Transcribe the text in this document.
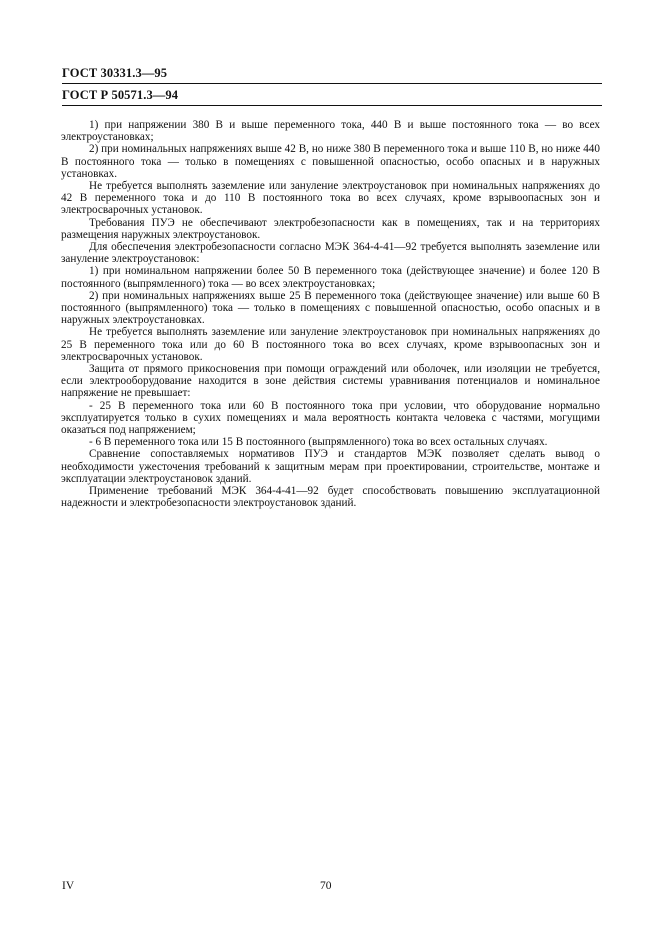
ГОСТ 30331.3—95
ГОСТ Р 50571.3—94

1) при напряжении 380 В и выше переменного тока, 440 В и выше постоянного тока — во всех электроустановках;

2) при номинальных напряжениях выше 42 В, но ниже 380 В переменного тока и выше 110 В, но ниже 440 В постоянного тока — только в помещениях с повышенной опасностью, особо опасных и в наружных установках.

Не требуется выполнять заземление или зануление электроустановок при номинальных напряжениях до 42 В переменного тока и до 110 В постоянного тока во всех случаях, кроме взрывоопасных зон и электросварочных установок.

Требования ПУЭ не обеспечивают электробезопасности как в помещениях, так и на территориях размещения наружных электроустановок.

Для обеспечения электробезопасности согласно МЭК 364-4-41—92 требуется выполнять заземление или зануление электроустановок:

1) при номинальном напряжении более 50 В переменного тока (действующее значение) и более 120 В постоянного (выпрямленного) тока — во всех электроустановках;

2) при номинальных напряжениях выше 25 В переменного тока (действующее значение) или выше 60 В постоянного (выпрямленного) тока — только в помещениях с повышенной опасностью, особо опасных и в наружных электроустановках.

Не требуется выполнять заземление или зануление электроустановок при номинальных напряжениях до 25 В переменного тока или до 60 В постоянного тока во всех случаях, кроме взрывоопасных зон и электросварочных установок.

Защита от прямого прикосновения при помощи ограждений или оболочек, или изоляции не требуется, если электрооборудование находится в зоне действия системы уравнивания потенциалов и номинальное напряжение не превышает:

- 25 В переменного тока или 60 В постоянного тока при условии, что оборудование нормально эксплуатируется только в сухих помещениях и мала вероятность контакта человека с частями, могущими оказаться под напряжением;

- 6 В переменного тока или 15 В постоянного (выпрямленного) тока во всех остальных случаях.

Сравнение сопоставляемых нормативов ПУЭ и стандартов МЭК позволяет сделать вывод о необходимости ужесточения требований к защитным мерам при проектировании, строительстве, монтаже и эксплуатации электроустановок зданий.

Применение требований МЭК 364-4-41—92 будет способствовать повышению эксплуатационной надежности и электробезопасности электроустановок зданий.

IV	70
